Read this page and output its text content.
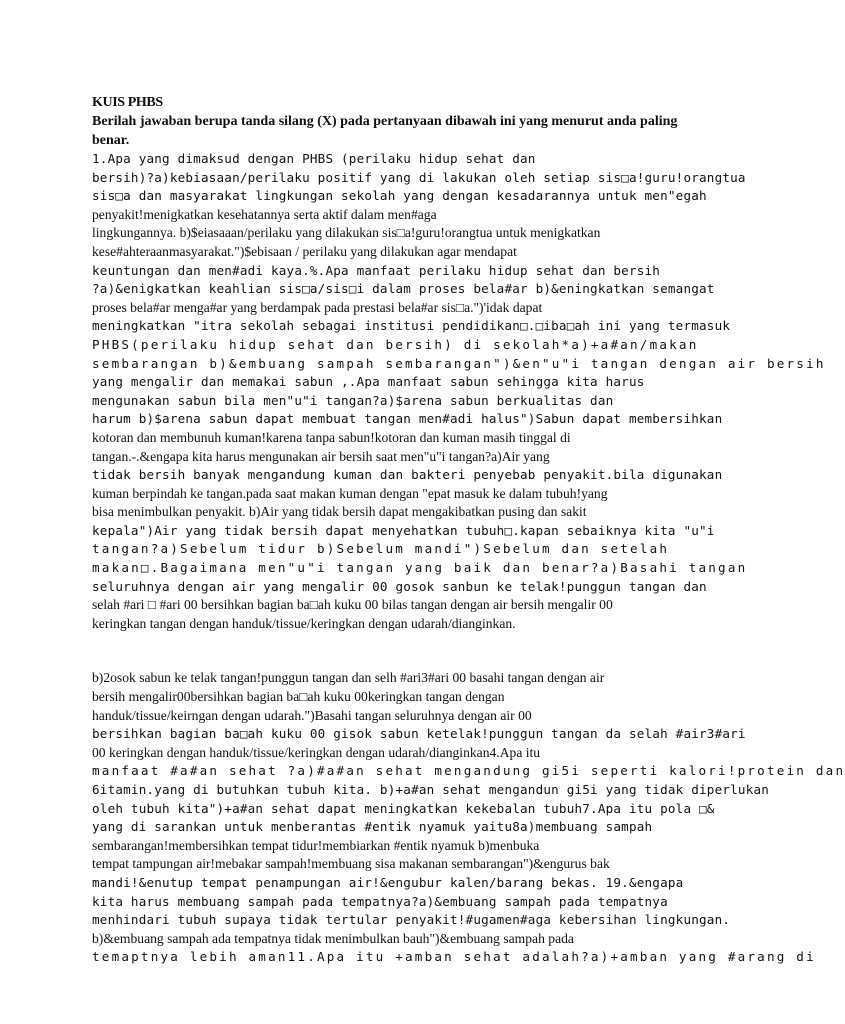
KUIS PHBS

Berilah jawaban berupa tanda silang (X) pada pertanyaan dibawah ini yang menurut anda paling benar.

1.Apa yang dimaksud dengan PHBS (perilaku hidup sehat dan
bersih)?a)kebiasaan/perilaku positif yang di lakukan oleh setiap sis□a!guru!orangtua
sis□a dan masyarakat lingkungan sekolah yang dengan kesadarannya untuk men"egah
penyakit!menigkatkan kesehatannya serta aktif dalam men#aga
lingkungannya. b)$eiasaaan/perilaku yang dilakukan sis□a!guru!orangtua untuk menigkatkan
kese#ahteraanmasyarakat.")$ebisaan / perilaku yang dilakukan agar mendapat
keuntungan dan men#adi kaya.%.Apa manfaat perilaku hidup sehat dan bersih
?a)&enigkatkan keahlian sis□a/sis□i dalam proses bela#ar b)&eningkatkan semangat
proses bela#ar menga#ar yang berdampak pada prestasi bela#ar sis□a.")'idak dapat
meningkatkan "itra sekolah sebagai institusi pendidikan□.□iba□ah ini yang termasuk
PHBS(perilaku hidup sehat dan bersih) di sekolah*a)+a#an/makan
sembarangan b)&embuang sampah sembarangan")&en"u"i tangan dengan air bersih
yang mengalir dan memakai sabun ,.Apa manfaat sabun sehingga kita harus
mengunakan sabun bila men"u"i tangan?a)$arena sabun berkualitas dan
harum b)$arena sabun dapat membuat tangan men#adi halus")Sabun dapat membersihkan
kotoran dan membunuh kuman!karena tanpa sabun!kotoran dan kuman masih tinggal di
tangan.-.&engapa kita harus mengunakan air bersih saat men"u"i tangan?a)Air yang
tidak bersih banyak mengandung kuman dan bakteri penyebab penyakit.bila digunakan
kuman berpindah ke tangan.pada saat makan kuman dengan "epat masuk ke dalam tubuh!yang
bisa menimbulkan penyakit. b)Air yang tidak bersih dapat mengakibatkan pusing dan sakit
kepala")Air yang tidak bersih dapat menyehatkan tubuh□.kapan sebaiknya kita "u"i
tangan?a)Sebelum tidur b)Sebelum mandi")Sebelum dan setelah
makan□.Bagaimana men"u"i tangan yang baik dan benar?a)Basahi tangan
seluruhnya dengan air yang mengalir 00 gosok sanbun ke telak!punggun tangan dan
selah #ari □ #ari 00 bersihkan bagian ba□ah kuku 00 bilas tangan dengan air bersih mengalir 00
keringkan tangan dengan handuk/tissue/keringkan dengan udarah/dianginkan.
b)2osok sabun ke telak tangan!punggun tangan dan selh #ari3#ari 00 basahi tangan dengan air
bersih mengalir00bersihkan bagian ba□ah kuku 00keringkan tangan dengan
handuk/tissue/keirngan dengan udarah.")Basahi tangan seluruhnya dengan air 00
bersihkan bagian ba□ah kuku 00 gisok sabun ketelak!punggun tangan da selah #air3#ari
00 keringkan dengan handuk/tissue/keringkan dengan udarah/dianginkan4.Apa itu
manfaat #a#an sehat ?a)#a#an sehat mengandung gi5i seperti kalori!protein dan
6itamin.yang di butuhkan tubuh kita. b)+a#an sehat mengandun gi5i yang tidak diperlukan
oleh tubuh kita")+a#an sehat dapat meningkatkan kekebalan tubuh7.Apa itu pola □&
yang di sarankan untuk menberantas #entik nyamuk yaitu8a)membuang sampah
sembarangan!membersihkan tempat tidur!membiarkan #entik nyamuk b)menbuka
tempat tampungan air!mebakar sampah!membuang sisa makanan sembarangan")&engurus bak
mandi!&enutup tempat penampungan air!&engubur kalen/barang bekas. 19.&engapa
kita harus membuang sampah pada tempatnya?a)&embuang sampah pada tempatnya
menhindari tubuh supaya tidak tertular penyakit!#ugamen#aga kebersihan lingkungan.
b)&embuang sampah ada tempatnya tidak menimbulkan bauh")&embuang sampah pada
temaptnya lebih aman11.Apa itu +amban sehat adalah?a)+amban yang #arang di
